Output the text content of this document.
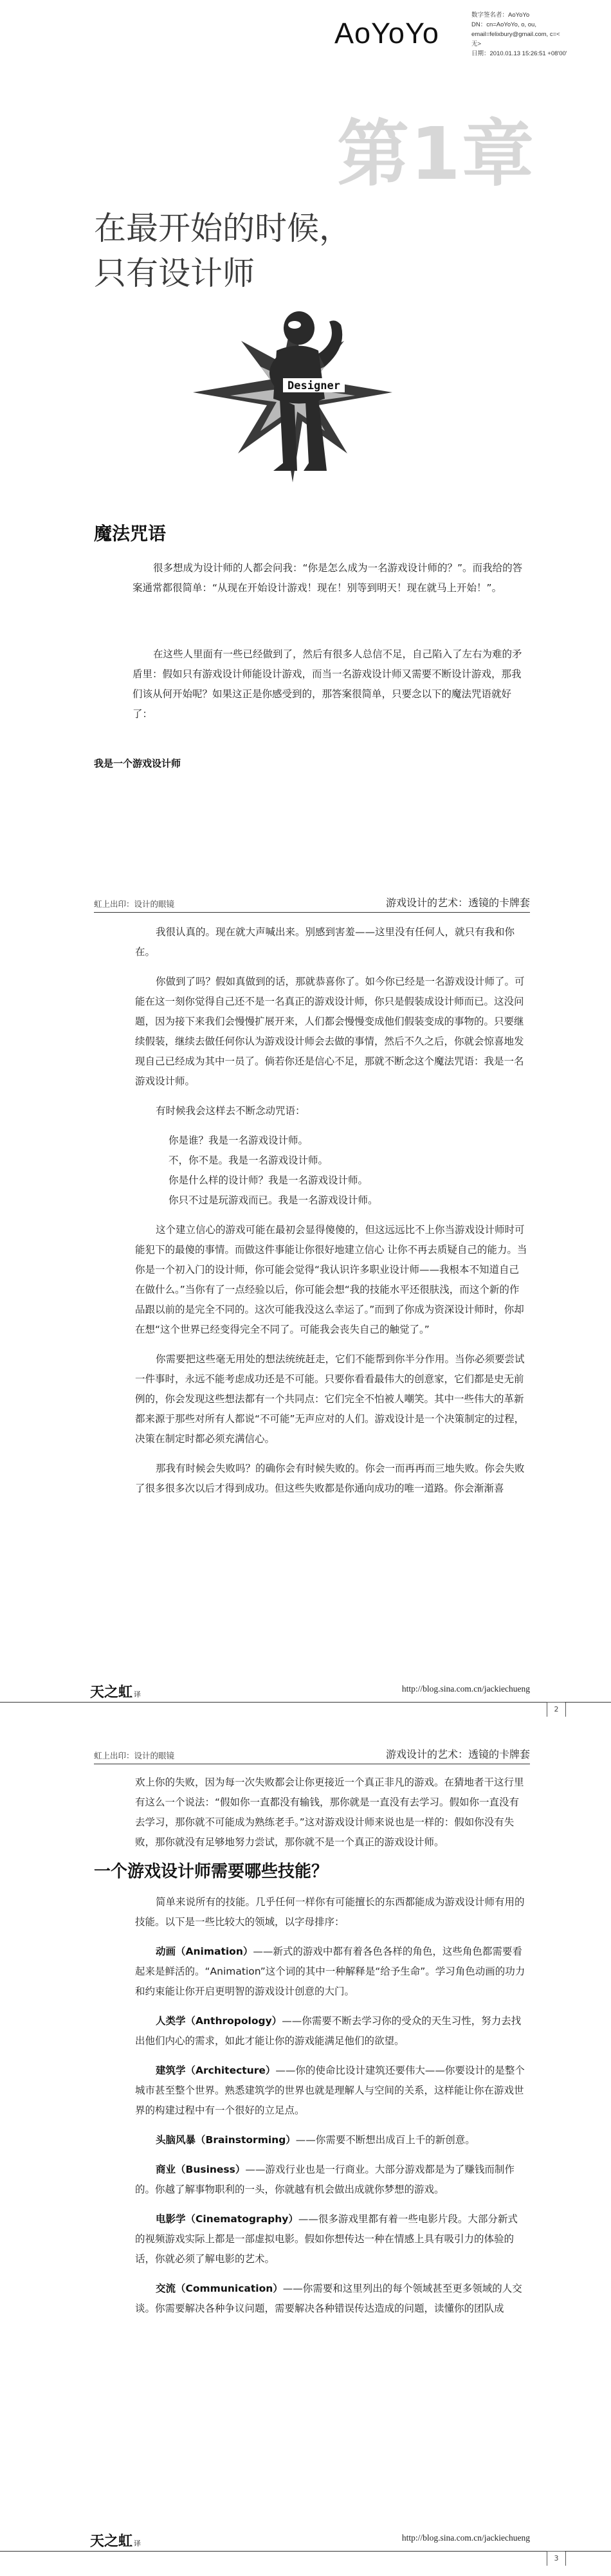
AoYoYo
数字签名者：AoYoYo
DN：cn=AoYoYo, o, ou,
email=felixbury@gmail.com, c=<
无>
日期：2010.01.13 15:26:51 +08'00'
第1章
在最开始的时候，
只有设计师
Designer
魔法咒语
很多想成为设计师的人都会问我：“你是怎么成为一名游戏设计师的？”。而我给的答案通常都很简单：“从现在开始设计游戏！现在！别等到明天！现在就马上开始！”。
在这些人里面有一些已经做到了，然后有很多人总信不足，自己陷入了左右为难的矛盾里：假如只有游戏设计师能设计游戏，而当一名游戏设计师又需要不断设计游戏，那我们该从何开始呢？如果这正是你感受到的，那答案很简单，只要念以下的魔法咒语就好了：
我是一个游戏设计师
虹上出印：设计的眼镜	游戏设计的艺术：透镜的卡牌套

我很认真的。现在就大声喊出来。别感到害羞——这里没有任何人，就只有我和你在。

你做到了吗？假如真做到的话，那就恭喜你了。如今你已经是一名游戏设计师了。可能在这一刻你觉得自己还不是一名真正的游戏设计师，你只是假装成设计师而已。这没问题，因为接下来我们会慢慢扩展开来，人们都会慢慢变成他们假装变成的事物的。只要继续假装，继续去做任何你认为游戏设计师会去做的事情，然后不久之后，你就会惊喜地发现自己已经成为其中一员了。倘若你还是信心不足，那就不断念这个魔法咒语：我是一名游戏设计师。

有时候我会这样去不断念动咒语：

你是谁？我是一名游戏设计师。
不，你不是。我是一名游戏设计师。
你是什么样的设计师？我是一名游戏设计师。
你只不过是玩游戏而已。我是一名游戏设计师。

这个建立信心的游戏可能在最初会显得傻傻的，但这远远比不上你当游戏设计师时可能犯下的最傻的事情。而做这件事能让你很好地建立信心 让你不再去质疑自己的能力。当你是一个初入门的设计师，你可能会觉得“我认识许多职业设计师——我根本不知道自己在做什么。”当你有了一点经验以后，你可能会想“我的技能水平还很肤浅，而这个新的作品跟以前的是完全不同的。这次可能我没这么幸运了。”而到了你成为资深设计师时，你却在想“这个世界已经变得完全不同了。可能我会丧失自己的触觉了。”

你需要把这些毫无用处的想法统统赶走，它们不能帮到你半分作用。当你必须要尝试一件事时，永远不能考虑成功还是不可能。只要你看看最伟大的创意家，它们都是史无前例的，你会发现这些想法都有一个共同点：它们完全不怕被人嘲笑。其中一些伟大的革新都来源于那些对所有人都说“不可能”无声应对的人们。游戏设计是一个决策制定的过程，决策在制定时都必须充满信心。

那我有时候会失败吗？的确你会有时候失败的。你会一而再再而三地失败。你会失败了很多很多次以后才得到成功。但这些失败都是你通向成功的唯一道路。你会渐渐喜

天之虹 译
http://blog.sina.com.cn/jackiechueng
2
虹上出印：设计的眼镜	游戏设计的艺术：透镜的卡牌套

欢上你的失败，因为每一次失败都会让你更接近一个真正非凡的游戏。在猜地者干这行里有这么一个说法：“假如你一直都没有输钱，那你就是一直没有去学习。假如你一直没有去学习，那你就不可能成为熟练老手。”这对游戏设计师来说也是一样的：假如你没有失败，那你就没有足够地努力尝试，那你就不是一个真正的游戏设计师。

一个游戏设计师需要哪些技能？

简单来说所有的技能。几乎任何一样你有可能擅长的东西都能成为游戏设计师有用的技能。以下是一些比较大的领域，以字母排序：

动画（Animation）——新式的游戏中都有着各色各样的角色，这些角色都需要看起来是鲜活的。“Animation”这个词的其中一种解释是“给予生命”。学习角色动画的功力和约束能让你开启更明智的游戏设计创意的大门。

人类学（Anthropology）——你需要不断去学习你的受众的天生习性，努力去找出他们内心的需求，如此才能让你的游戏能满足他们的欲望。

建筑学（Architecture）——你的使命比设计建筑还要伟大——你要设计的是整个城市甚至整个世界。熟悉建筑学的世界也就是理解人与空间的关系，这样能让你在游戏世界的构建过程中有一个很好的立足点。

头脑风暴（Brainstorming）——你需要不断想出成百上千的新创意。

商业（Business）——游戏行业也是一行商业。大部分游戏都是为了赚钱而制作的。你越了解事物职利的一头，你就越有机会做出成就你梦想的游戏。

电影学（Cinematography）——很多游戏里都有着一些电影片段。大部分新式的视频游戏实际上都是一部虚拟电影。假如你想传达一种在情感上具有吸引力的体验的话，你就必须了解电影的艺术。

交流（Communication）——你需要和这里列出的每个领域甚至更多领域的人交谈。你需要解决各种争议问题，需要解决各种错误传达造成的问题，读懂你的团队成

天之虹 译
http://blog.sina.com.cn/jackiechueng
3
